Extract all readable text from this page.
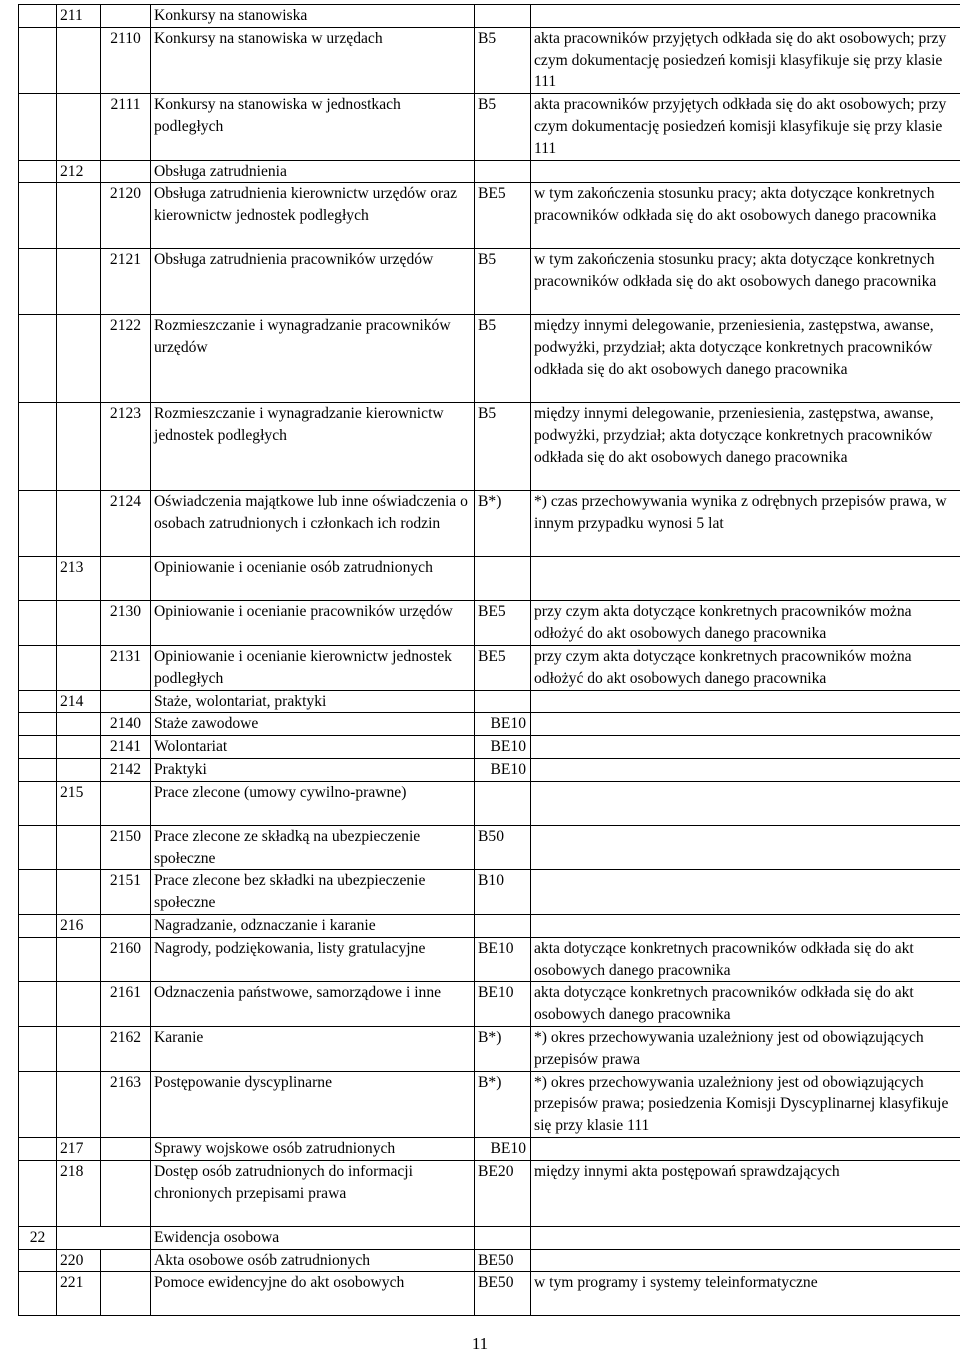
	211		Konkursy na stanowiska		
		2110	Konkursy na stanowiska w urzędach	B5	akta pracowników przyjętych odkłada się do akt osobowych; przy czym dokumentację posiedzeń komisji klasyfikuje się przy klasie 111
		2111	Konkursy na stanowiska w jednostkach podległych	B5	akta pracowników przyjętych odkłada się do akt osobowych; przy czym dokumentację posiedzeń komisji klasyfikuje się przy klasie 111
	212		Obsługa zatrudnienia		
		2120	Obsługa zatrudnienia kierownictw urzędów oraz kierownictw jednostek podległych	BE5	w tym zakończenia stosunku pracy; akta dotyczące konkretnych pracowników odkłada się do akt osobowych danego pracownika
		2121	Obsługa zatrudnienia pracowników urzędów	B5	w tym zakończenia stosunku pracy; akta dotyczące konkretnych pracowników odkłada się do akt osobowych danego pracownika
		2122	Rozmieszczanie i wynagradzanie pracowników urzędów	B5	między innymi delegowanie, przeniesienia, zastępstwa, awanse, podwyżki, przydział; akta dotyczące konkretnych pracowników odkłada się do akt osobowych danego pracownika
		2123	Rozmieszczanie i wynagradzanie kierownictw jednostek podległych	B5	między innymi delegowanie, przeniesienia, zastępstwa, awanse, podwyżki, przydział; akta dotyczące konkretnych pracowników odkłada się do akt osobowych danego pracownika
		2124	Oświadczenia majątkowe lub inne oświadczenia o osobach zatrudnionych i członkach ich rodzin	B*)	*) czas przechowywania wynika z odrębnych przepisów prawa, w innym przypadku wynosi 5 lat
	213		Opiniowanie i ocenianie osób zatrudnionych		
		2130	Opiniowanie i ocenianie pracowników urzędów	BE5	przy czym akta dotyczące konkretnych pracowników można odłożyć do akt osobowych danego pracownika
		2131	Opiniowanie i ocenianie kierownictw jednostek podległych	BE5	przy czym akta dotyczące konkretnych pracowników można odłożyć do akt osobowych danego pracownika
	214		Staże, wolontariat, praktyki		
		2140	Staże zawodowe	BE10	
		2141	Wolontariat	BE10	
		2142	Praktyki	BE10	
	215		Prace zlecone (umowy cywilno-prawne)		
		2150	Prace zlecone ze składką na ubezpieczenie społeczne	B50	
		2151	Prace zlecone bez składki na ubezpieczenie społeczne	B10	
	216		Nagradzanie, odznaczanie i karanie		
		2160	Nagrody, podziękowania, listy gratulacyjne	BE10	akta dotyczące konkretnych pracowników odkłada się do akt osobowych danego pracownika
		2161	Odznaczenia państwowe, samorządowe i inne	BE10	akta dotyczące konkretnych pracowników odkłada się do akt osobowych danego pracownika
		2162	Karanie	B*)	*) okres przechowywania uzależniony jest od obowiązujących przepisów prawa
		2163	Postępowanie dyscyplinarne	B*)	*) okres przechowywania uzależniony jest od obowiązujących przepisów prawa; posiedzenia Komisji Dyscyplinarnej klasyfikuje się przy klasie 111
	217		Sprawy wojskowe osób zatrudnionych	BE10	
	218		Dostęp osób zatrudnionych do informacji chronionych przepisami prawa	BE20	między innymi akta postępowań sprawdzających
22			Ewidencja osobowa		
	220		Akta osobowe osób zatrudnionych	BE50	
	221		Pomoce ewidencyjne do akt osobowych	BE50	w tym programy i systemy teleinformatyczne
11
